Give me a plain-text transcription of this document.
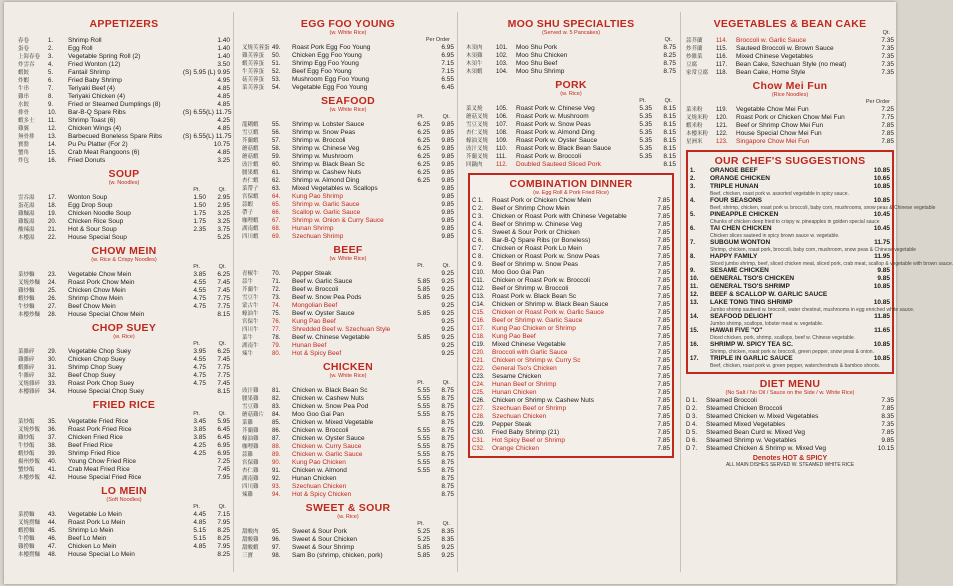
APPETIZERS
春卷	1.	Shrimp Roll	1.40
蛋卷	2.	Egg Roll	1.40
上海春卷	3.	Vegetable Spring Roll (2)	1.40
炸雲吞	4.	Fried Wonton (12)	3.50
蝦餃	5.	Fantail Shrimp	(S) 5.95 (L) 9.95
炸蝦	6.	Fried Baby Shrimp	4.95
牛串	7.	Teriyaki Beef (4)	4.85
雞串	8.	Teriyaki Chicken (4)	4.85
水餃	9.	Fried or Steamed Dumplings (8)	4.85
排骨	10.	Bar-B-Q Spare Ribs	(S) 6.55 (L) 11.75
蝦多士	11.	Shrimp Toast (6)	4.25
雞翼	12.	Chicken Wings (4)	4.85
無骨排	13.	Barbecued Boneless Spare Ribs	(S) 6.55 (L) 11.75
寶盤	14.	Pu Pu Platter (For 2)	10.75
蟹角	15.	Crab Meat Rangoons (6)	4.85
炸包	16.	Fried Donuts	3.25
SOUP
(w. Noodles)
Pt.	Qt.
雲吞湯	17.	Wonton Soup	1.50	2.95
蛋花湯	18.	Egg Drop Soup	1.50	2.95
雞麵湯	19.	Chicken Noodle Soup	1.75	3.25
雞飯湯	20.	Chicken Rice Soup	1.75	3.25
酸辣湯	21.	Hot & Sour Soup	2.35	3.75
本樓湯	22.	House Special Soup	5.25
CHOW MEIN
(w. Rice & Crispy Noodles)
Pt.	Qt.
菜炒麵	23.	Vegetable Chow Mein	3.85	6.25
叉燒炒麵	24.	Roast Pork Chow Mein	4.55	7.45
雞炒麵	25.	Chicken Chow Mein	4.55	7.45
蝦炒麵	26.	Shrimp Chow Mein	4.75	7.75
牛炒麵	27.	Beef Chow Mein	4.75	7.75
本樓炒麵	28.	House Special Chow Mein	8.15
CHOP SUEY
(w. Rice)
Pt.	Qt.
菜雜碎	29.	Vegetable Chop Suey	3.95	6.25
雞雜碎	30.	Chicken Chop Suey	4.55	7.45
蝦雜碎	31.	Shrimp Chop Suey	4.75	7.75
牛雜碎	32.	Beef Chop Suey	4.75	7.75
叉燒雜碎	33.	Roast Pork Chop Suey	4.75	7.45
本樓雜碎	34.	House Special Chop Suey	8.15
FRIED RICE
Pt.	Qt.
菜炒飯	35.	Vegetable Fried Rice	3.45	5.95
叉燒炒飯	36.	Roast Pork Fried Rice	3.85	6.45
雞炒飯	37.	Chicken Fried Rice	3.85	6.45
牛炒飯	38.	Beef Fried Rice	4.25	6.95
蝦炒飯	39.	Shrimp Fried Rice	4.25	6.95
揚州炒飯	40.	Young Chow Fried Rice	7.25
蟹炒飯	41.	Crab Meat Fried Rice	7.45
本樓炒飯	42.	House Special Fried Rice	7.95
LO MEIN
(Soft Noodles)
Pt.	Qt.
菜撈麵	43.	Vegetable Lo Mein	4.45	7.15
叉燒撈麵	44.	Roast Pork Lo Mein	4.85	7.95
蝦撈麵	45.	Shrimp Lo Mein	5.15	8.25
牛撈麵	46.	Beef Lo Mein	5.15	8.25
雞撈麵	47.	Chicken Lo Mein	4.85	7.95
本樓撈麵	48.	House Special Lo Mein	8.25
EGG FOO YOUNG
(w. White Rice)
Per Order
叉燒芙蓉蛋 49.	Roast Pork Egg Foo Young	6.95
雞芙蓉蛋	50.	Chicken Egg Foo Young	6.95
蝦芙蓉蛋	51.	Shrimp Egg Foo Young	7.15
牛芙蓉蛋	52.	Beef Egg Foo Young	7.15
菇芙蓉蛋	53.	Mushroom Egg Foo Young	6.55
菜芙蓉蛋	54.	Vegetable Egg Foo Young	6.45
SEAFOOD
(w. White Rice)
Pt.	Qt.
龍糊蝦	55.	Shrimp w. Lobster Sauce	6.25	9.85
雪豆蝦	56.	Shrimp w. Snow Peas	6.25	9.85
芥蘭蝦	57.	Shrimp w. Broccoli	6.25	9.85
蘑菇蝦	58.	Shrimp w. Chinese Veg	6.25	9.85
蘑菇蝦	59.	Shrimp w. Mushroom	6.25	9.85
豉汁蝦	60.	Shrimp w. Black Bean Sc	6.25	9.85
腰果蝦	61.	Shrimp w. Cashew Nuts	6.25	9.85
杏仁蝦	62.	Shrimp w. Almond Ding	6.25	9.85
菜帶子	63.	Mixed Vegetables w. Scallops	9.85
宮保蝦	64.	Kung Pao Shrimp	9.85
蒜蝦	65.	Shrimp w. Garlic Sauce	9.85
帶子	66.	Scallop w. Garlic Sauce	9.85
咖哩蝦	67.	Shrimp w. Onion & Curry Sauce	9.85
湖南蝦	68.	Hunan Shrimp	9.85
四川蝦	69.	Szechuan Shrimp	9.85
BEEF
(w. White Rice)
Pt.	Qt.
青椒牛	70.	Pepper Steak	9.25
蒜牛	71.	Beef w. Garlic Sauce	5.85	9.25
芥蘭牛	72.	Beef w. Broccoli	5.85	9.25
雪豆牛	73.	Beef w. Snow Pea Pods	5.85	9.25
蒙古牛	74.	Mongolian Beef	9.25
蠔油牛	75.	Beef w. Oyster Sauce	5.85	9.25
宮保牛	76.	Kung Pao Beef	9.25
四川牛	77.	Shredded Beef w. Szechuan Style	9.25
菜牛	78.	Beef w. Chinese Vegetable	5.85	9.25
湖南牛	79.	Hunan Beef	9.25
辣牛	80.	Hot & Spicy Beef	9.25
CHICKEN
(w. White Rice)
Pt.	Qt.
豉汁雞	81.	Chicken w. Black Bean Sc	5.55	8.75
腰果雞	82.	Chicken w. Cashew Nuts	5.55	8.75
雪豆雞	83.	Chicken w. Snow Pea Pod	5.55	8.75
蘑菇雞片	84.	Moo Goo Gai Pan	5.55	8.75
菜雞	85.	Chicken w. Mixed Vegetable	8.75
芥蘭雞	86.	Chicken w. Broccoli	5.55	8.75
蠔油雞	87.	Chicken w. Oyster Sauce	5.55	8.75
咖哩雞	88.	Chicken w. Curry Sauce	5.55	8.75
蒜雞	89.	Chicken w. Garlic Sauce	5.55	8.75
宮保雞	90.	Kung Pao Chicken	5.55	8.75
杏仁雞	91.	Chicken w. Almond	5.55	8.75
湖南雞	92.	Hunan Chicken	8.75
四川雞	93.	Szechuan Chicken	8.75
辣雞	94.	Hot & Spicy Chicken	8.75
SWEET & SOUR
(w. Rice)
Pt.	Qt.
甜酸肉	95.	Sweet & Sour Pork	5.25	8.35
甜酸雞	96.	Sweet & Sour Chicken	5.25	8.35
甜酸蝦	97.	Sweet & Sour Shrimp	5.85	9.25
三寶	98.	Sam Bo (shrimp, chicken, pork)	5.85	9.25
MOO SHU SPECIALTIES
(Served w. 5 Pancakes)
Qt.
木須肉	101.	Moo Shu Pork	8.75
木須雞	102.	Moo Shu Chicken	8.25
木須牛	103.	Moo Shu Beef	8.75
木須蝦	104.	Moo Shu Shrimp	8.75
PORK
(w. Rice)
Pt.	Qt.
菜叉燒	105.	Roast Pork w. Chinese Veg	5.35	8.15
蘑菇叉燒	106.	Roast Pork w. Mushroom	5.35	8.15
雪豆叉燒	107.	Roast Pork w. Snow Peas	5.35	8.15
杏仁叉燒	108.	Roast Pork w. Almond Ding	5.35	8.15
蠔油叉燒	109.	Roast Pork w. Oyster Sauce	5.35	8.15
豉汁叉燒	110.	Roast Pork w. Black Bean Sauce	5.35	8.15
芥蘭叉燒	111.	Roast Pork w. Broccoli	5.35	8.15
回鍋肉	112.	Doubled Sauteed Sliced Pork	8.15
COMBINATION DINNER
(w. Egg Roll & Pork Fried Rice)
C 1.	Roast Pork or Chicken Chow Mein	7.85
C 2.	Beef or Shrimp Chow Mein	7.85
C 3.	Chicken or Roast Pork with Chinese Vegetable	7.85
C 4.	Beef or Shrimp w. Chinese Veg	7.85
C 5.	Sweet & Sour Pork or Chicken	7.85
C 6.	Bar-B-Q Spare Ribs (or Boneless)	7.85
C 7.	Chicken or Roast Pork Lo Mein	7.85
C 8.	Chicken or Roast Pork w. Snow Peas	7.85
C 9.	Beef or Shrimp w. Snow Peas	7.85
C10.	Moo Goo Gai Pan	7.85
C11.	Chicken or Roast Pork w. Broccoli	7.85
C12.	Beef or Shrimp w. Broccoli	7.85
C13.	Roast Pork w. Black Bean Sc	7.85
C14.	Chicken or Shrimp w. Black Bean Sauce	7.85
C15.	Chicken or Roast Pork w. Garlic Sauce	7.85
C16.	Beef or Shrimp w. Garlic Sauce	7.85
C17.	Kung Pao Chicken or Shrimp	7.85
C18.	Kung Pao Beef	7.85
C19.	Mixed Chinese Vegetable	7.85
C20.	Broccoli with Garlic Sauce	7.85
C21.	Chicken or Shrimp w. Curry Sc	7.85
C22.	General Tso's Chicken	7.85
C23.	Sesame Chicken	7.85
C24.	Hunan Beef or Shrimp	7.85
C25.	Hunan Chicken	7.85
C26.	Chicken or Shrimp w. Cashew Nuts	7.85
C27.	Szechuan Beef or Shrimp	7.85
C28.	Szechuan Chicken	7.85
C29.	Pepper Steak	7.85
C30.	Fried Baby Shrimp (21)	7.85
C31.	Hot Spicy Beef or Shrimp	7.85
C32.	Orange Chicken	7.85
VEGETABLES & BEAN CAKE
Qt.
蒜芥蘭	114.	Broccoli w. Garlic Sauce	7.35
炒芥蘭	115.	Sauteed Broccoli w. Brown Sauce	7.35
炒雜菜	116.	Mixed Chinese Vegetables	7.35
豆腐	117.	Bean Cake, Szechuan Style (no meat)	7.35
家常豆腐	118.	Bean Cake, Home Style	7.35
Chow Mei Fun
(Rice Noodles)
Per Order
菜米粉	119.	Vegetable Chow Mei Fun	7.25
叉燒米粉	120.	Roast Pork or Chicken Chow Mei Fun	7.75
蝦米粉	121.	Beef or Shrimp Chow Mei Fun	7.85
本樓米粉	122.	House Special Chow Mei Fun	7.85
星洲米	123.	Singapore Chow Mei Fun	7.85
OUR CHEF'S SUGGESTIONS
1.	ORANGE BEEF	10.85
2.	ORANGE CHICKEN	10.65
3.	TRIPLE HUNAN	10.85
Beef, chicken, roast pork w. assorted vegetable in spicy sauce.
4.	FOUR SEASONS	10.85
Beef, shrimp, chicken, roast pork w. broccoli, baby corn, mushrooms, snow peas & Chinese vegetable
5.	PINEAPPLE CHICKEN	10.45
Chunks of chicken deep fried to crispy w. pineapples in golden special sauce
6.	TAI CHEN CHICKEN	10.45
Chicken slices sauteed in spicy brown sauce w. vegetable.
7.	SUBGUM WONTON	11.75
Shrimp, chicken, roast pork, broccoli, baby corn, mushroom, snow peas & Chinese vegetable
8.	HAPPY FAMILY	11.95
Sliced jumbo shrimp, beef, sliced chicken meat, sliced pork, crab meat, scallop & vegetable with brown sauce.
9.	SESAME CHICKEN	9.85
10.	GENERAL TSO'S CHICKEN	9.85
11.	GENERAL TSO'S SHRIMP	10.85
12.	BEEF & SCALLOP W. GARLIC SAUCE
13.	LAKE TONG TING SHRIMP	10.85
Jumbo shrimp sauteed w. broccoli, water chestnut, mushrooms in egg enriched white sauce.
14.	SEAFOOD DELIGHT	11.85
Jumbo shrimp, scallops, lobster meat w. vegetable.
15.	HAWAII FIVE "O"	11.65
Diced chicken, pork, shrimp, scallops, beef w. Chinese vegetable.
16.	SHRIMP W. SPICY TEA SC.	10.85
Shrimp, chicken, roast pork w. broccoli, green pepper, snow peas & onion.
17.	TRIPLE IN GARLIC SAUCE	10.85
Beef, chicken, roast pork w. green pepper, waterchestnuts & bamboo shoots.
DIET MENU
(No Salt / No Oil / Sauce on the Side / w. White Rice)
D 1.	Steamed Broccoli	7.35
D 2.	Steamed Chicken Broccoli	7.85
D 3.	Steamed Chicken w. Mixed Vegetables	8.35
D 4.	Steamed Mixed Vegetables	7.35
D 5.	Steamed Bean Curd w. Mixed Veg	7.85
D 6.	Steamed Shrimp w. Vegetables	9.85
D 7.	Steamed Chicken & Shrimp w. Mixed Veg	10.15
Denotes HOT & SPICY
ALL MAIN DISHES SERVED W. STEAMED WHITE RICE
